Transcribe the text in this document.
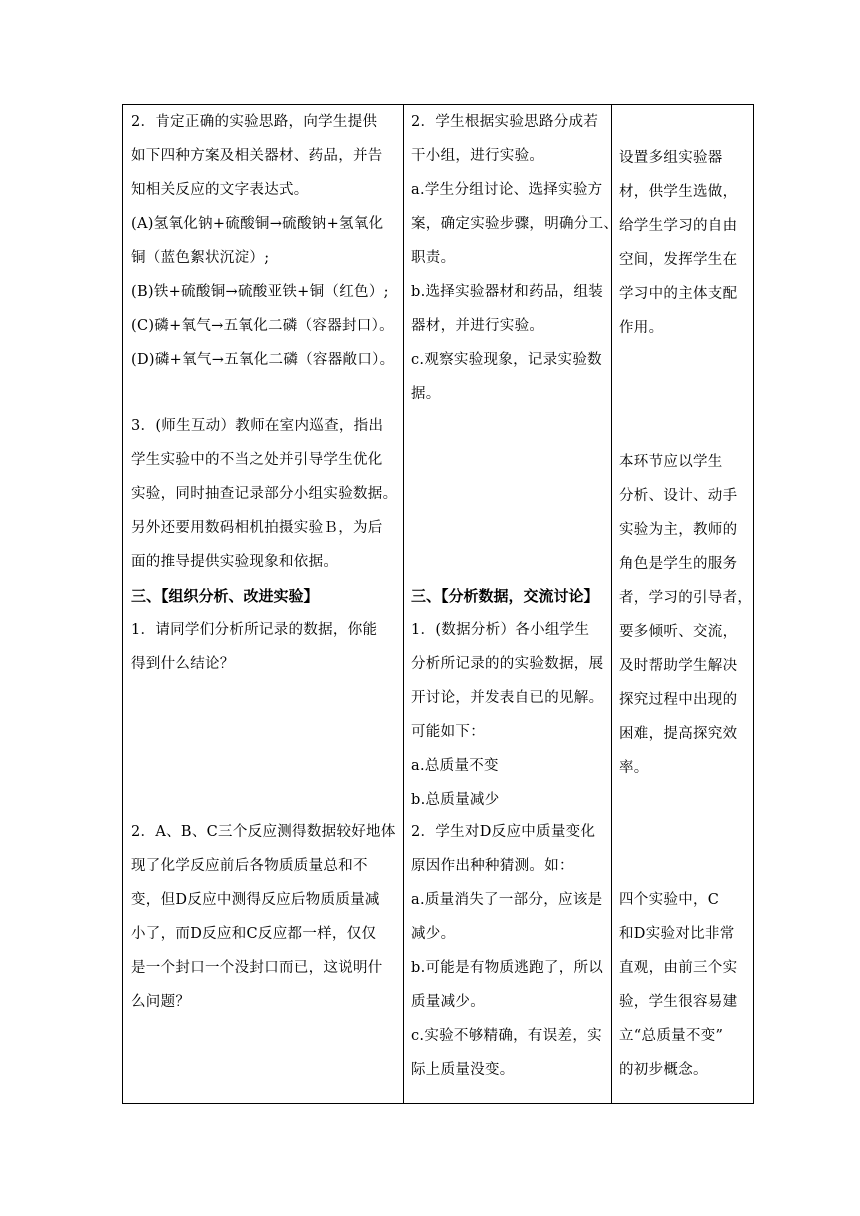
2．肯定正确的实验思路，向学生提供
如下四种方案及相关器材、药品，并告
知相关反应的文字表达式。
(A)氢氧化钠+硫酸铜→硫酸钠+氢氧化
铜（蓝色絮状沉淀）;
(B)铁+硫酸铜→硫酸亚铁+铜（红色）;
(C)磷+氧气→五氧化二磷（容器封口）。
(D)磷+氧气→五氧化二磷（容器敞口）。
3．(师生互动）教师在室内巡查，指出
学生实验中的不当之处并引导学生优化
实验，同时抽查记录部分小组实验数据。
另外还要用数码相机拍摄实验Ｂ，为后
面的推导提供实验现象和依据。
三、【组织分析、改进实验】
1．请同学们分析所记录的数据，你能
得到什么结论？
2．A、B、C三个反应测得数据较好地体
现了化学反应前后各物质质量总和不
变，但D反应中测得反应后物质质量减
小了，而D反应和C反应都一样，仅仅
是一个封口一个没封口而已，这说明什
么问题？
2．学生根据实验思路分成若
干小组，进行实验。
a.学生分组讨论、选择实验方
案，确定实验步骤，明确分工、
职责。
b.选择实验器材和药品，组装
器材，并进行实验。
c.观察实验现象，记录实验数
据。
三、【分析数据，交流讨论】
1．(数据分析）各小组学生
分析所记录的的实验数据，展
开讨论，并发表自已的见解。
可能如下：
a.总质量不变
b.总质量减少
2．学生对D反应中质量变化
原因作出种种猜测。如：
a.质量消失了一部分，应该是
减少。
b.可能是有物质逃跑了，所以
质量减少。
c.实验不够精确，有误差，实
际上质量没变。
设置多组实验器
材，供学生选做，
给学生学习的自由
空间，发挥学生在
学习中的主体支配
作用。
本环节应以学生
分析、设计、动手
实验为主，教师的
角色是学生的服务
者，学习的引导者，
要多倾听、交流，
及时帮助学生解决
探究过程中出现的
困难，提高探究效
率。
四个实验中，C
和D实验对比非常
直观，由前三个实
验，学生很容易建
立“总质量不变”
的初步概念。
